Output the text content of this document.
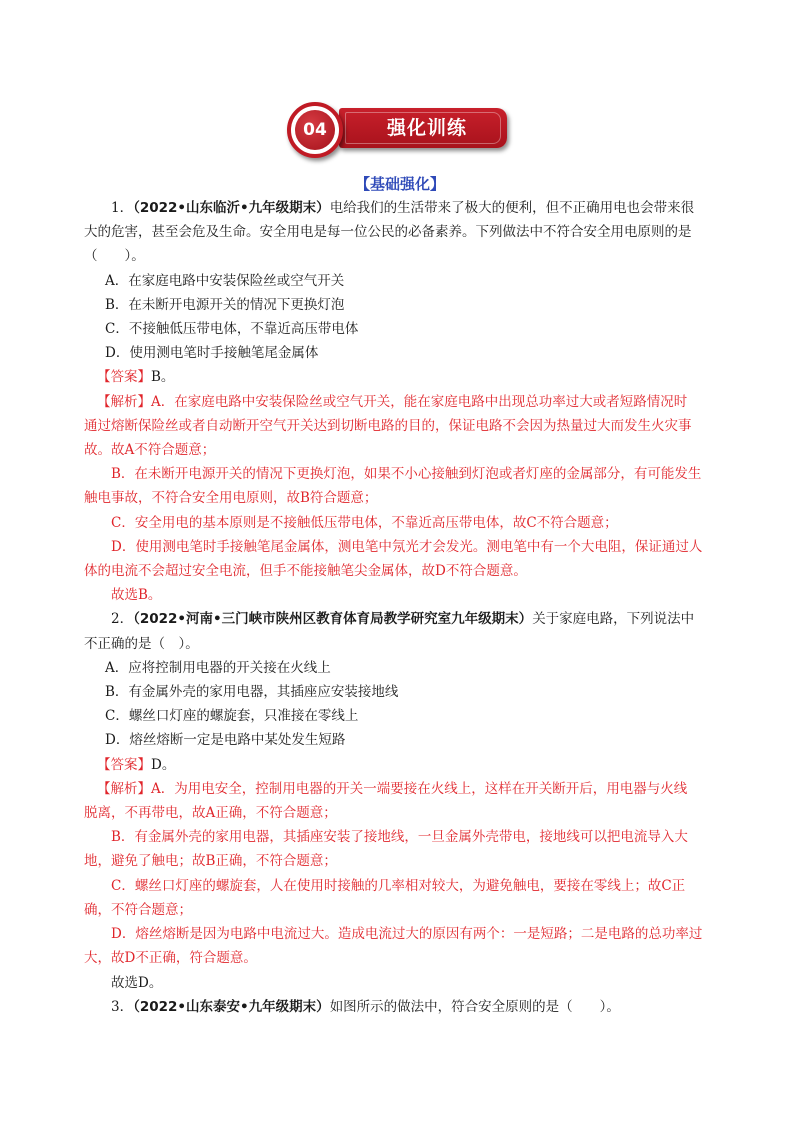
强化训练
04
【基础强化】
1．（2022•山东临沂•九年级期末）电给我们的生活带来了极大的便利，但不正确用电也会带来很
大的危害，甚至会危及生命。安全用电是每一位公民的必备素养。下列做法中不符合安全用电原则的是
（　　）。
A．在家庭电路中安装保险丝或空气开关
B．在未断开电源开关的情况下更换灯泡
C．不接触低压带电体，不靠近高压带电体
D．使用测电笔时手接触笔尾金属体
【答案】B。
【解析】A．在家庭电路中安装保险丝或空气开关，能在家庭电路中出现总功率过大或者短路情况时
通过熔断保险丝或者自动断开空气开关达到切断电路的目的，保证电路不会因为热量过大而发生火灾事
故。故A不符合题意；
B．在未断开电源开关的情况下更换灯泡，如果不小心接触到灯泡或者灯座的金属部分，有可能发生
触电事故，不符合安全用电原则，故B符合题意；
C．安全用电的基本原则是不接触低压带电体，不靠近高压带电体，故C不符合题意；
D．使用测电笔时手接触笔尾金属体，测电笔中氖光才会发光。测电笔中有一个大电阻，保证通过人
体的电流不会超过安全电流，但手不能接触笔尖金属体，故D不符合题意。
故选B。
2．（2022•河南•三门峡市陕州区教育体育局教学研究室九年级期末）关于家庭电路，下列说法中
不正确的是（　）。
A．应将控制用电器的开关接在火线上
B．有金属外壳的家用电器，其插座应安装接地线
C．螺丝口灯座的螺旋套，只准接在零线上
D．熔丝熔断一定是电路中某处发生短路
【答案】D。
【解析】A．为用电安全，控制用电器的开关一端要接在火线上，这样在开关断开后，用电器与火线
脱离，不再带电，故A正确，不符合题意；
B．有金属外壳的家用电器，其插座安装了接地线，一旦金属外壳带电，接地线可以把电流导入大
地，避免了触电；故B正确，不符合题意；
C．螺丝口灯座的螺旋套，人在使用时接触的几率相对较大，为避免触电，要接在零线上；故C正
确，不符合题意；
D．熔丝熔断是因为电路中电流过大。造成电流过大的原因有两个：一是短路；二是电路的总功率过
大，故D不正确，符合题意。
故选D。
3．（2022•山东泰安•九年级期末）如图所示的做法中，符合安全原则的是（　　）。
